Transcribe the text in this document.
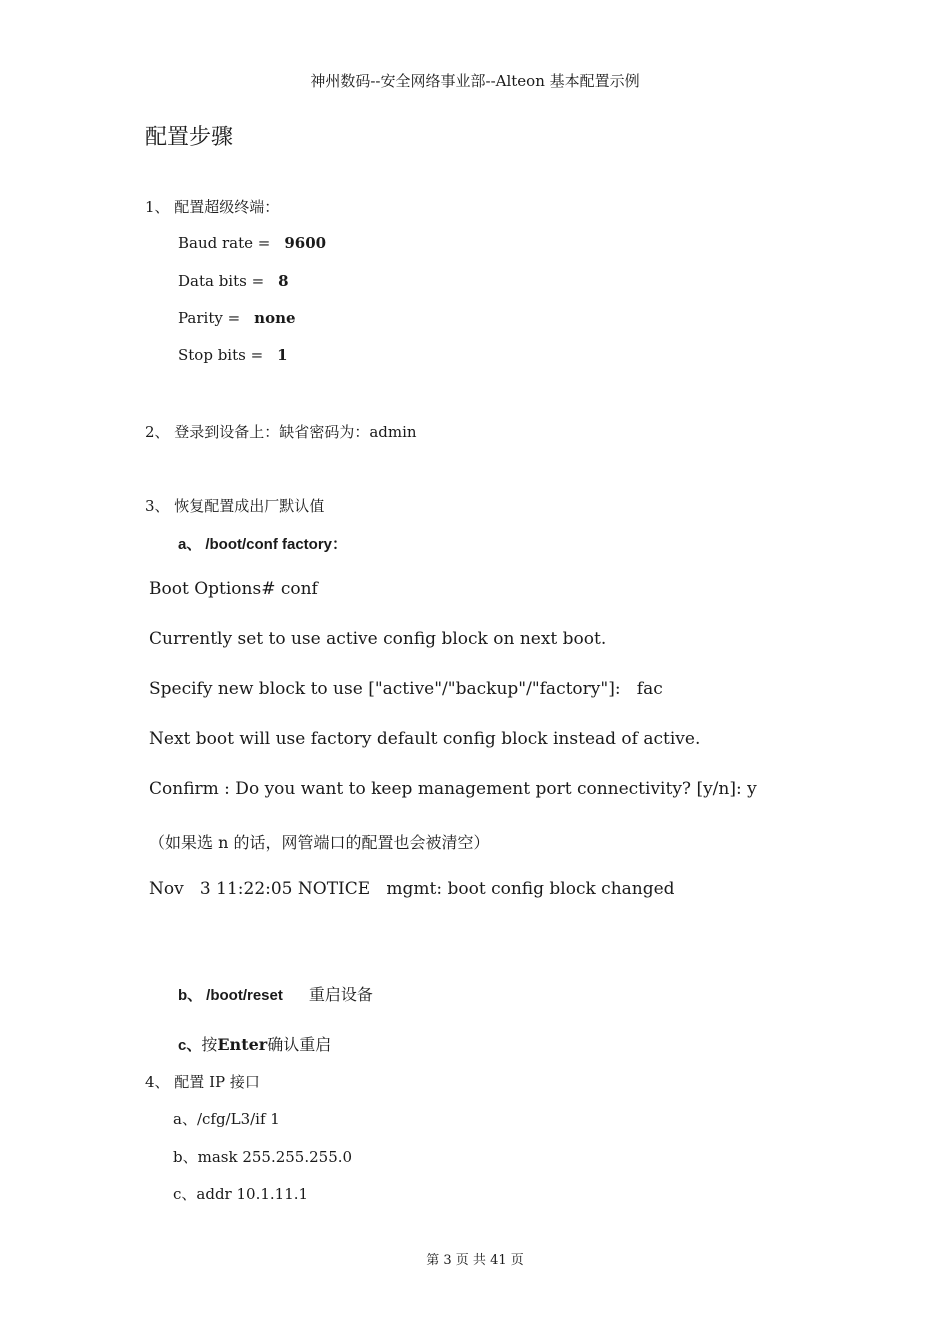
神州数码--安全网络事业部--Alteon 基本配置示例
配置步骤
1、 配置超级终端：
Baud rate = 9600
Data bits = 8
Parity = none
Stop bits = 1
2、 登录到设备上：缺省密码为：admin
3、 恢复配置成出厂默认值
a、 /boot/conf factory：
Boot Options# conf
Currently set to use active config block on next boot.
Specify new block to use ["active"/"backup"/"factory"]:   fac
Next boot will use factory default config block instead of active.
Confirm : Do you want to keep management port connectivity? [y/n]: y
（如果选 n 的话，网管端口的配置也会被清空）
Nov   3 11:22:05 NOTICE   mgmt: boot config block changed
b、 /boot/reset 重启设备
c、按Enter确认重启
4、 配置 IP 接口
a、/cfg/L3/if 1
b、mask 255.255.255.0
c、addr 10.1.11.1
第 3 页 共 41 页
